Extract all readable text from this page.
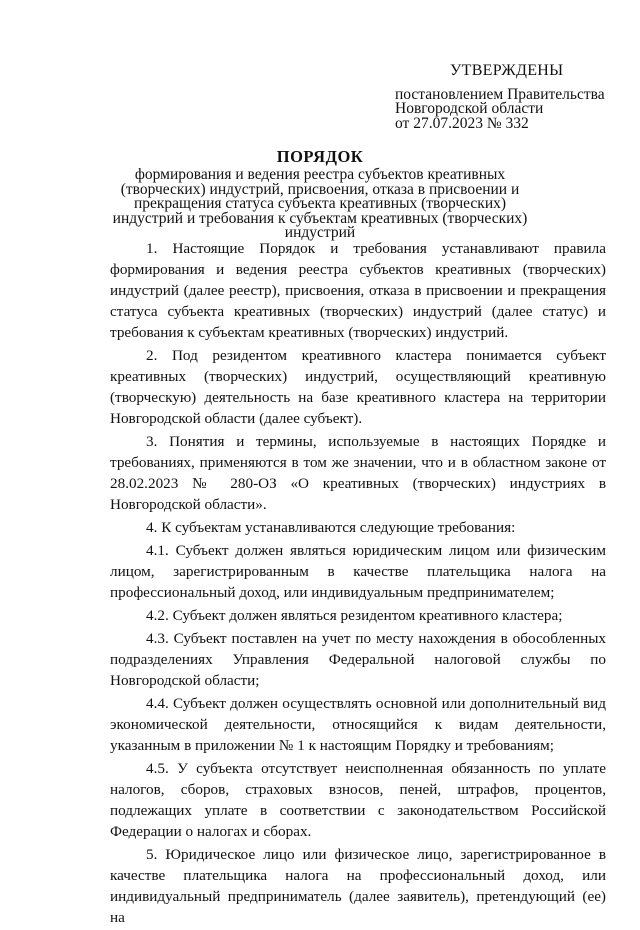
УТВЕРЖДЕНЫ
постановлением Правительства
Новгородской области
от 27.07.2023 № 332
ПОРЯДОК
формирования и ведения реестра субъектов креативных (творческих) индустрий, присвоения, отказа в присвоении и прекращения статуса субъекта креативных (творческих) индустрий и требования к субъектам креативных (творческих) индустрий

1. Настоящие Порядок и требования устанавливают правила формирования и ведения реестра субъектов креативных (творческих) индустрий (далее реестр), присвоения, отказа в присвоении и прекращения статуса субъекта креативных (творческих) индустрий (далее статус) и требования к субъектам креативных (творческих) индустрий.

2. Под резидентом креативного кластера понимается субъект креативных (творческих) индустрий, осуществляющий креативную (творческую) деятельность на базе креативного кластера на территории Новгородской области (далее субъект).

3. Понятия и термины, используемые в настоящих Порядке и требованиях, применяются в том же значении, что и в областном законе от 28.02.2023 № 280-ОЗ «О креативных (творческих) индустриях в Новгородской области».

4. К субъектам устанавливаются следующие требования:

4.1. Субъект должен являться юридическим лицом или физическим лицом, зарегистрированным в качестве плательщика налога на профессиональный доход, или индивидуальным предпринимателем;

4.2. Субъект должен являться резидентом креативного кластера;

4.3. Субъект поставлен на учет по месту нахождения в обособленных подразделениях Управления Федеральной налоговой службы по Новгородской области;

4.4. Субъект должен осуществлять основной или дополнительный вид экономической деятельности, относящийся к видам деятельности, указанным в приложении № 1 к настоящим Порядку и требованиям;

4.5. У субъекта отсутствует неисполненная обязанность по уплате налогов, сборов, страховых взносов, пеней, штрафов, процентов, подлежащих уплате в соответствии с законодательством Российской Федерации о налогах и сборах.

5. Юридическое лицо или физическое лицо, зарегистрированное в качестве плательщика налога на профессиональный доход, или индивидуальный предприниматель (далее заявитель), претендующий (ее) на
